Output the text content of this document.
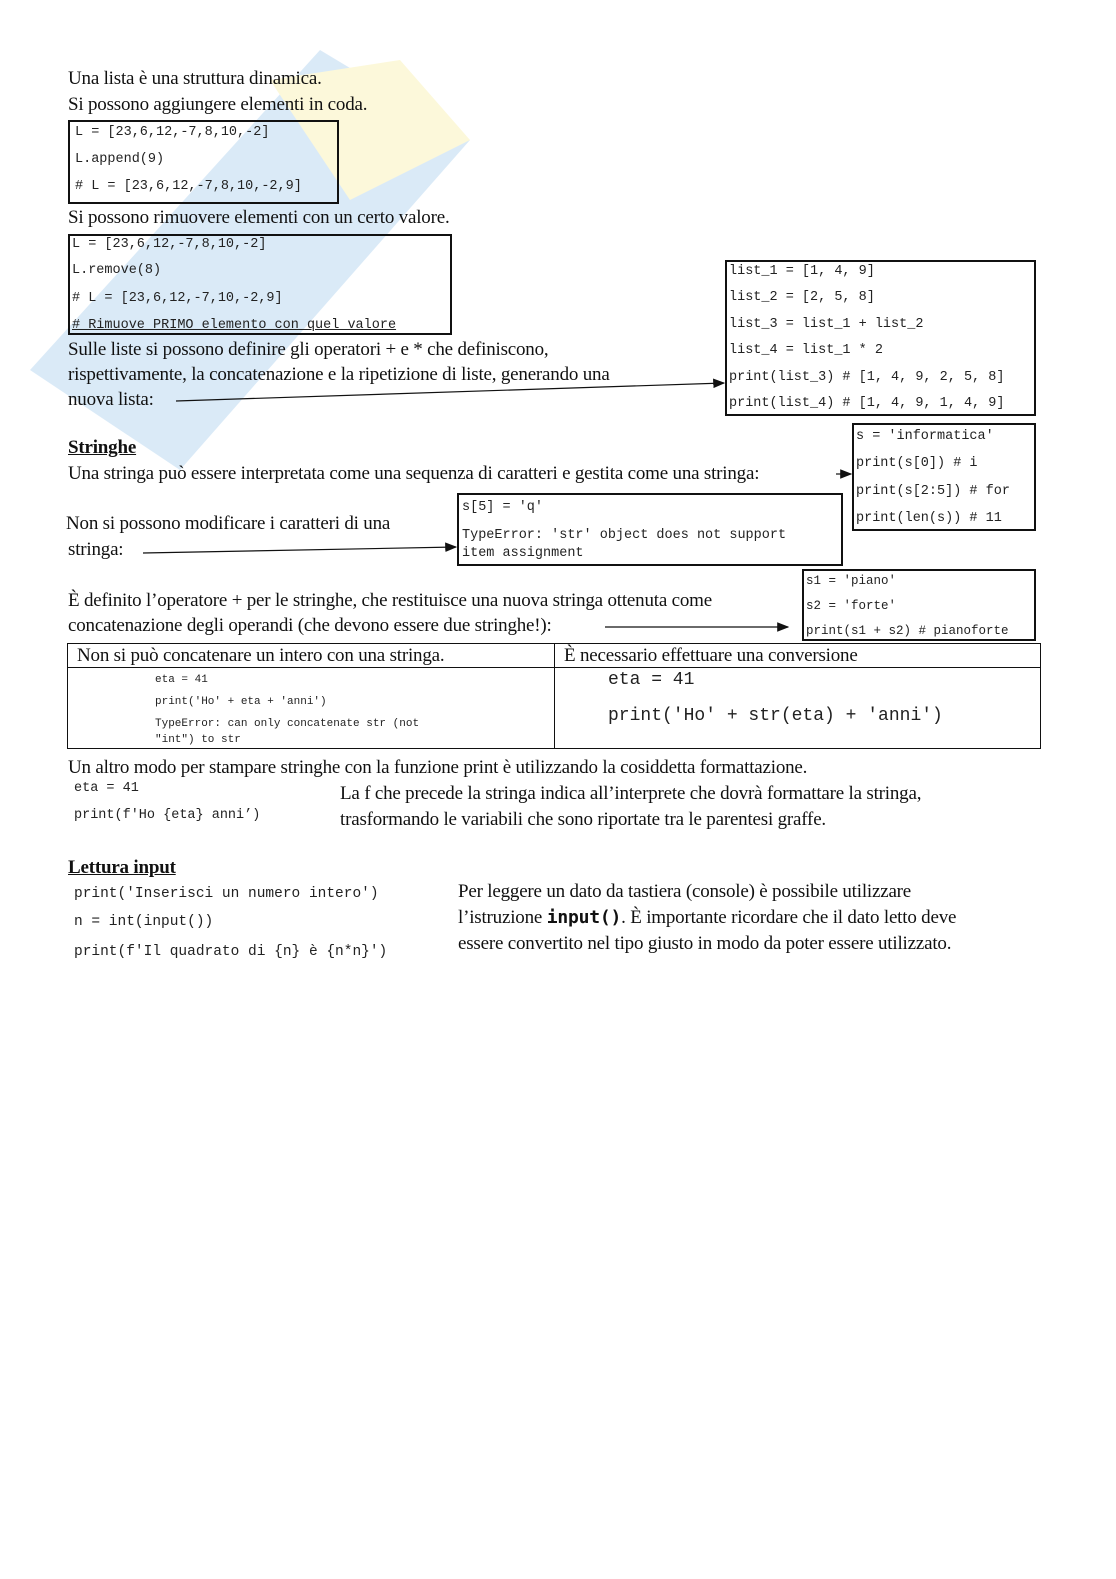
Una lista è una struttura dinamica.
Si possono aggiungere elementi in coda.
L = [23,6,12,-7,8,10,-2]
L.append(9)
# L = [23,6,12,-7,8,10,-2,9]
Si possono rimuovere elementi con un certo valore.
L = [23,6,12,-7,8,10,-2]
L.remove(8)
# L = [23,6,12,-7,10,-2,9]
# Rimuove PRIMO elemento con quel valore
Sulle liste si possono definire gli operatori + e * che definiscono,
rispettivamente, la concatenazione e la ripetizione di liste, generando una
nuova lista:
list_1 = [1, 4, 9]
list_2 = [2, 5, 8]
list_3 = list_1 + list_2
list_4 = list_1 * 2
print(list_3) # [1, 4, 9, 2, 5, 8]
print(list_4) # [1, 4, 9, 1, 4, 9]
Stringhe
Una stringa può essere interpretata come una sequenza di caratteri e gestita come una stringa:
s = 'informatica'
print(s[0]) # i
print(s[2:5]) # for
print(len(s)) # 11
Non si possono modificare i caratteri di una
stringa:
s[5] = 'q'
TypeError: 'str' object does not support
item assignment
È definito l’operatore + per le stringhe, che restituisce una nuova stringa ottenuta come
concatenazione degli operandi (che devono essere due stringhe!):
s1 = 'piano'
s2 = 'forte'
print(s1 + s2) # pianoforte
Non si può concatenare un intero con una stringa.	È necessario effettuare una conversione
eta = 41
print('Ho' + eta + 'anni')
TypeError: can only concatenate str (not
"int") to str
eta = 41
print('Ho' + str(eta) + 'anni')
Un altro modo per stampare stringhe con la funzione print è utilizzando la cosiddetta formattazione.
eta = 41
print(f'Ho {eta} anni’)
La f che precede la stringa indica all’interprete che dovrà formattare la stringa,
trasformando le variabili che sono riportate tra le parentesi graffe.
Lettura input
print('Inserisci un numero intero')
n = int(input())
print(f'Il quadrato di {n} è {n*n}')
Per leggere un dato da tastiera (console) è possibile utilizzare
l’istruzione input(). È importante ricordare che il dato letto deve
essere convertito nel tipo giusto in modo da poter essere utilizzato.
